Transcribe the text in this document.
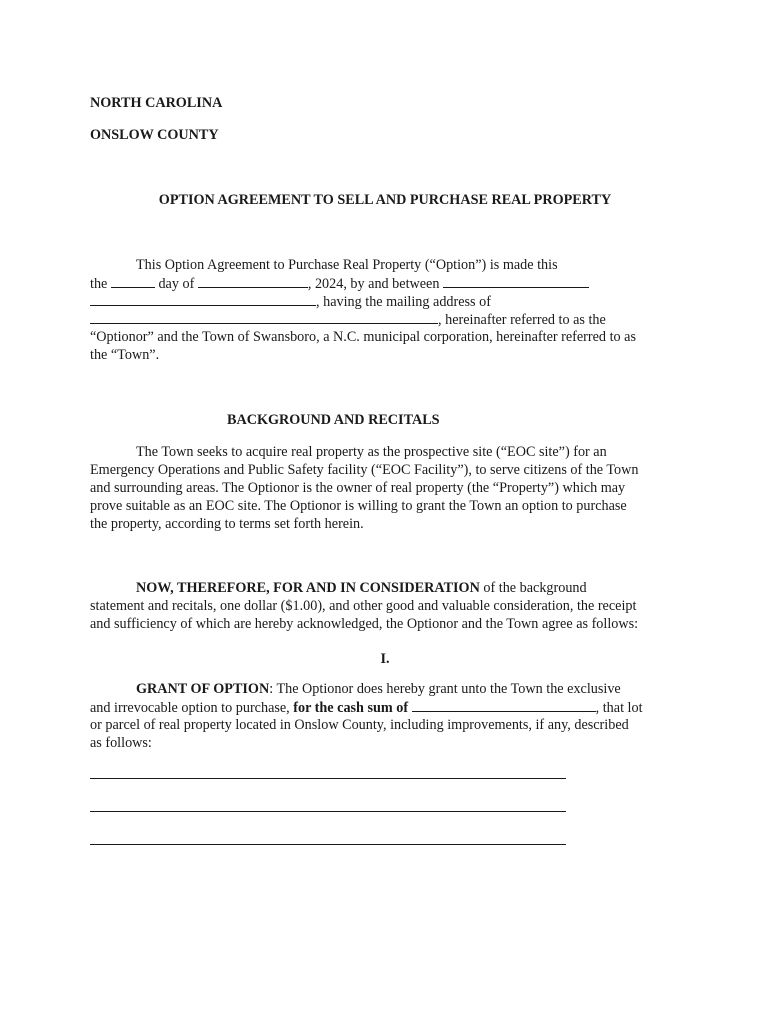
NORTH CAROLINA

ONSLOW COUNTY

OPTION AGREEMENT TO SELL AND PURCHASE REAL PROPERTY

This Option Agreement to Purchase Real Property (“Option”) is made this

the	day of	, 2024, by and between

, having the mailing address of

, hereinafter referred to as the

“Optionor” and the Town of Swansboro, a N.C. municipal corporation, hereinafter referred to as

the “Town”.

BACKGROUND AND RECITALS

The Town seeks to acquire real property as the prospective site (“EOC site”) for an

Emergency Operations and Public Safety facility (“EOC Facility”), to serve citizens of the Town

and surrounding areas. The Optionor is the owner of real property (the “Property”) which may

prove suitable as an EOC site. The Optionor is willing to grant the Town an option to purchase

the property, according to terms set forth herein.

NOW, THEREFORE, FOR AND IN CONSIDERATION of the background

statement and recitals, one dollar ($1.00), and other good and valuable consideration, the receipt

and sufficiency of which are hereby acknowledged, the Optionor and the Town agree as follows:

I.

GRANT OF OPTION: The Optionor does hereby grant unto the Town the exclusive

and irrevocable option to purchase, for the cash sum of	, that lot

or parcel of real property located in Onslow County, including improvements, if any, described

as follows:
